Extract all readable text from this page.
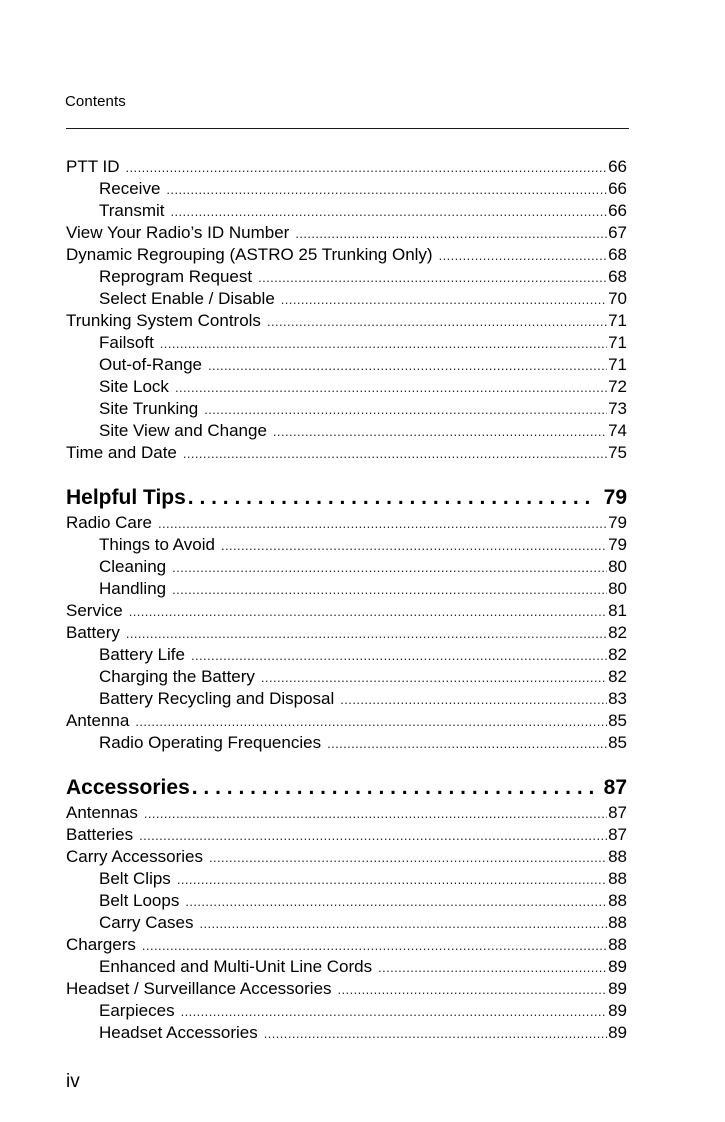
Contents
PTT ID .....	66
Receive .....	66
Transmit .....	66
View Your Radio’s ID Number .....	67
Dynamic Regrouping (ASTRO 25 Trunking Only) .....	68
Reprogram Request .....	68
Select Enable / Disable .....	70
Trunking System Controls .....	71
Failsoft .....	71
Out-of-Range .....	71
Site Lock .....	72
Site Trunking .....	73
Site View and Change .....	74
Time and Date .....	75
Helpful Tips . . .	79
Radio Care .....	79
Things to Avoid .....	79
Cleaning .....	80
Handling .....	80
Service .....	81
Battery .....	82
Battery Life .....	82
Charging the Battery .....	82
Battery Recycling and Disposal .....	83
Antenna .....	85
Radio Operating Frequencies .....	85
Accessories . . .	87
Antennas .....	87
Batteries .....	87
Carry Accessories .....	88
Belt Clips .....	88
Belt Loops .....	88
Carry Cases .....	88
Chargers .....	88
Enhanced and Multi-Unit Line Cords .....	89
Headset / Surveillance Accessories .....	89
Earpieces .....	89
Headset Accessories .....	89
iv
